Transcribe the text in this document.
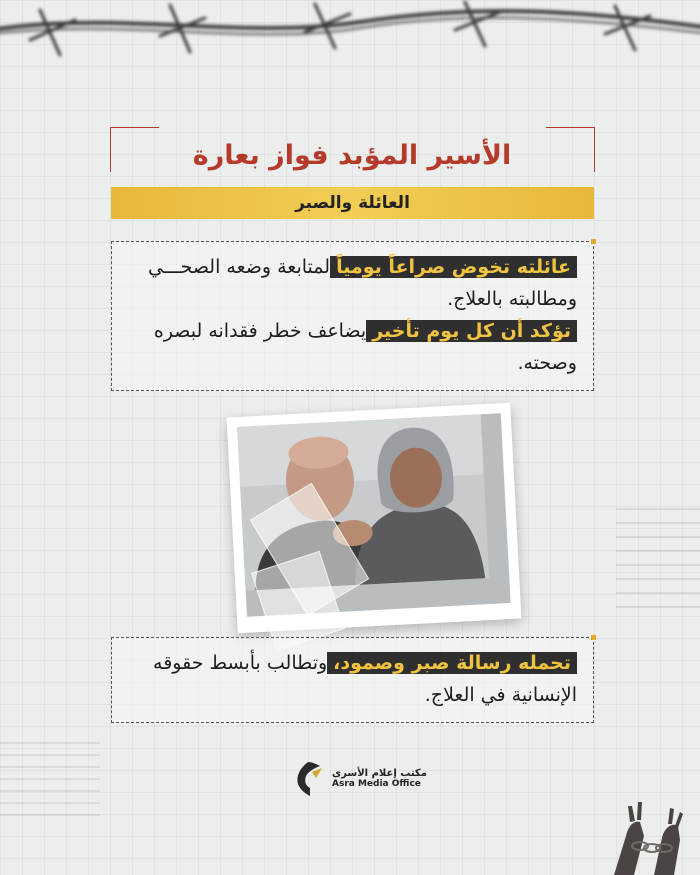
الأسير المؤبد فواز بعارة
العائلة والصبر
عائلته تخوض صراعاً يومياًلمتابعة وضعه الصحـــي ومطالبته بالعلاج.
تؤكد أن كل يوم تأخيريضاعف خطر فقدانه لبصره وصحته.
تحمله رسالة صبر وصمود،وتطالب بأبسط حقوقه الإنسانية في العلاج.
مكتب إعلام الأسرى
Asra Media Office
